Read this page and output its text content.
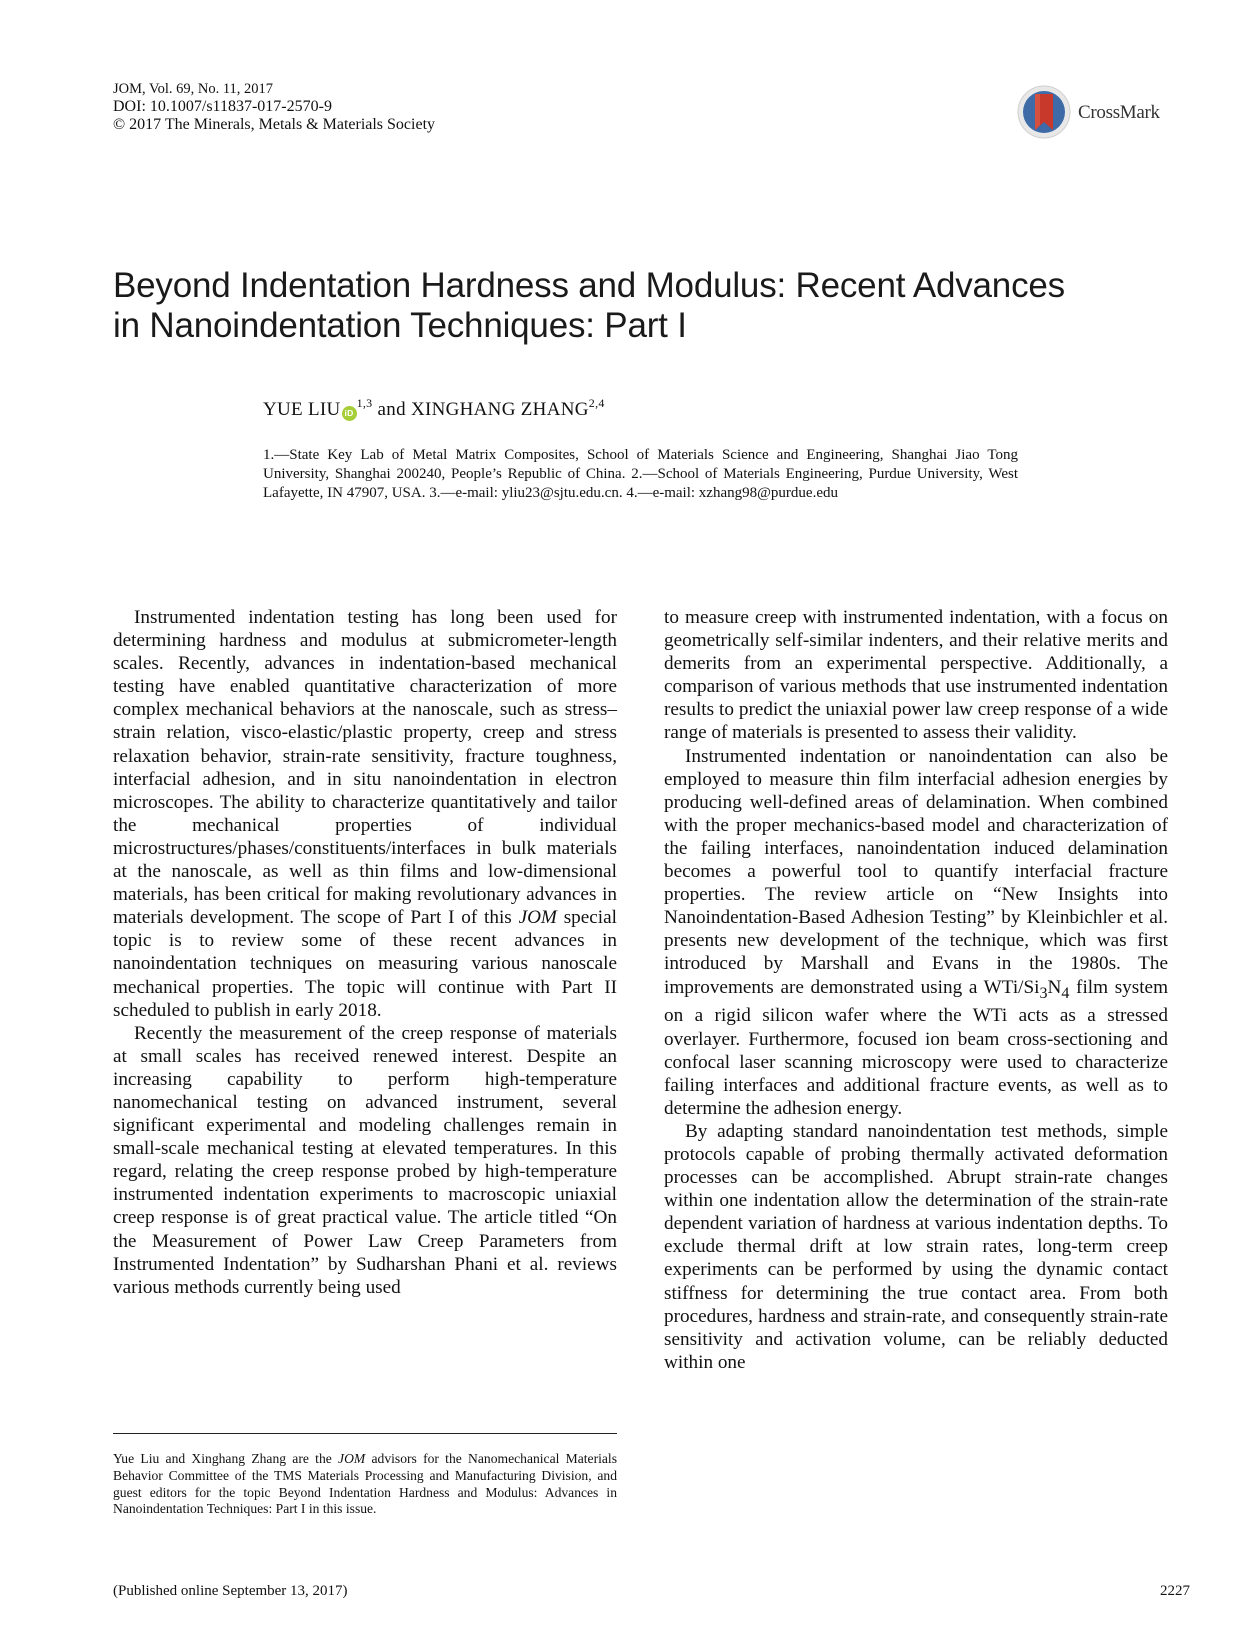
JOM, Vol. 69, No. 11, 2017
DOI: 10.1007/s11837-017-2570-9
© 2017 The Minerals, Metals & Materials Society
CrossMark
Beyond Indentation Hardness and Modulus: Recent Advances
in Nanoindentation Techniques: Part I
YUE LIU iD$^{1,3}$ and XINGHANG ZHANG$^{2,4}$
1.—State Key Lab of Metal Matrix Composites, School of Materials Science and Engineering, Shanghai Jiao Tong University, Shanghai 200240, People’s Republic of China. 2.—School of Materials Engineering, Purdue University, West Lafayette, IN 47907, USA. 3.—e-mail: yliu23@sjtu.edu.cn. 4.—e-mail: xzhang98@purdue.edu

Instrumented indentation testing has long been used for determining hardness and modulus at submicrometer-length scales. Recently, advances in indentation-based mechanical testing have enabled quantitative characterization of more complex mechanical behaviors at the nanoscale, such as stress–strain relation, visco-elastic/plastic property, creep and stress relaxation behavior, strain-rate sensitivity, fracture toughness, interfacial adhesion, and in situ nanoindentation in electron microscopes. The ability to characterize quantitatively and tailor the mechanical properties of individual microstructures/phases/constituents/interfaces in bulk materials at the nanoscale, as well as thin films and low-dimensional materials, has been critical for making revolutionary advances in materials development. The scope of Part I of this JOM special topic is to review some of these recent advances in nanoindentation techniques on measuring various nanoscale mechanical properties. The topic will continue with Part II scheduled to publish in early 2018.

Recently the measurement of the creep response of materials at small scales has received renewed interest. Despite an increasing capability to perform high-temperature nanomechanical testing on advanced instrument, several significant experimental and modeling challenges remain in small-scale mechanical testing at elevated temperatures. In this regard, relating the creep response probed by high-temperature instrumented indentation experiments to macroscopic uniaxial creep response is of great practical value. The article titled “On the Measurement of Power Law Creep Parameters from Instrumented Indentation” by Sudharshan Phani et al. reviews various methods currently being used

to measure creep with instrumented indentation, with a focus on geometrically self-similar indenters, and their relative merits and demerits from an experimental perspective. Additionally, a comparison of various methods that use instrumented indentation results to predict the uniaxial power law creep response of a wide range of materials is presented to assess their validity.

Instrumented indentation or nanoindentation can also be employed to measure thin film interfacial adhesion energies by producing well-defined areas of delamination. When combined with the proper mechanics-based model and characterization of the failing interfaces, nanoindentation induced delamination becomes a powerful tool to quantify interfacial fracture properties. The review article on “New Insights into Nanoindentation-Based Adhesion Testing” by Kleinbichler et al. presents new development of the technique, which was first introduced by Marshall and Evans in the 1980s. The improvements are demonstrated using a WTi/$Si_3N_4$ film system on a rigid silicon wafer where the WTi acts as a stressed overlayer. Furthermore, focused ion beam cross-sectioning and confocal laser scanning microscopy were used to characterize failing interfaces and additional fracture events, as well as to determine the adhesion energy.

By adapting standard nanoindentation test methods, simple protocols capable of probing thermally activated deformation processes can be accomplished. Abrupt strain-rate changes within one indentation allow the determination of the strain-rate dependent variation of hardness at various indentation depths. To exclude thermal drift at low strain rates, long-term creep experiments can be performed by using the dynamic contact stiffness for determining the true contact area. From both procedures, hardness and strain-rate, and consequently strain-rate sensitivity and activation volume, can be reliably deducted within one

Yue Liu and Xinghang Zhang are the JOM advisors for the Nanomechanical Materials Behavior Committee of the TMS Materials Processing and Manufacturing Division, and guest editors for the topic Beyond Indentation Hardness and Modulus: Advances in Nanoindentation Techniques: Part I in this issue.
(Published online September 13, 2017)	2227
